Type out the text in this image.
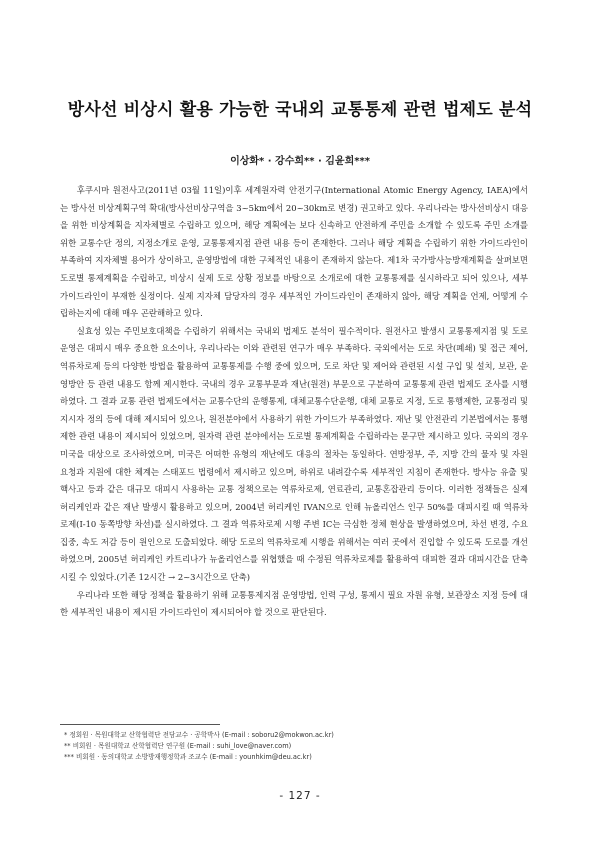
방사선 비상시 활용 가능한 국내외 교통통제 관련 법제도 분석
이상화* · 강수희** · 김윤희***

후쿠시마 원전사고(2011년 03월 11일)이후 세계원자력 안전기구(International Atomic Energy Agency, IAEA)에서는 방사선 비상계획구역 확대(방사선비상구역을 3~5km에서 20~30km로 변경) 권고하고 있다. 우리나라는 방사선비상시 대응을 위한 비상계획을 지자체별로 수립하고 있으며, 해당 계획에는 보다 신속하고 안전하게 주민을 소개할 수 있도록 주민 소개를 위한 교통수단 정의, 지정소개로 운영, 교통통제지점 관련 내용 등이 존재한다. 그러나 해당 계획을 수립하기 위한 가이드라인이 부족하여 지자체별 용어가 상이하고, 운영방법에 대한 구체적인 내용이 존재하지 않는다. 제1차 국가방사능방재계획을 살펴보면 도로별 통제계획을 수립하고, 비상시 실제 도로 상황 정보를 바탕으로 소개로에 대한 교통통제를 실시하라고 되어 있으나, 세부 가이드라인이 부재한 실정이다. 실제 지자체 담당자의 경우 세부적인 가이드라인이 존재하지 않아, 해당 계획을 언제, 어떻게 수립하는지에 대해 매우 곤란해하고 있다.

실효성 있는 주민보호대책을 수립하기 위해서는 국내외 법제도 분석이 필수적이다. 원전사고 발생시 교통통제지점 및 도로 운영은 대피시 매우 중요한 요소이나, 우리나라는 이와 관련된 연구가 매우 부족하다. 국외에서는 도로 차단(폐쇄) 및 접근 제어, 역류차로제 등의 다양한 방법을 활용하여 교통통제를 수행 중에 있으며, 도로 차단 및 제어와 관련된 시설 구입 및 설치, 보관, 운영방안 등 관련 내용도 함께 제시한다. 국내의 경우 교통부문과 재난(원전) 부문으로 구분하여 교통통제 관련 법제도 조사를 시행하였다. 그 결과 교통 관련 법제도에서는 교통수단의 운행통제, 대체교통수단운행, 대체 교통로 지정, 도로 통행제한, 교통정리 및 지시자 정의 등에 대해 제시되어 있으나, 원전분야에서 사용하기 위한 가이드가 부족하였다. 재난 및 안전관리 기본법에서는 통행제한 관련 내용이 제시되어 있었으며, 원자력 관련 분야에서는 도로별 통제계획을 수립하라는 문구만 제시하고 있다. 국외의 경우 미국을 대상으로 조사하였으며, 미국은 어떠한 유형의 재난에도 대응의 절차는 동일하다. 연방정부, 주, 지방 간의 물자 및 자원 요청과 지원에 대한 체계는 스태포드 법령에서 제시하고 있으며, 하위로 내려갈수록 세부적인 지침이 존재한다. 방사능 유출 및 핵사고 등과 같은 대규모 대피시 사용하는 교통 정책으로는 역류차로제, 연료관리, 교통혼잡관리 등이다. 이러한 정책들은 실제 허리케인과 같은 재난 발생시 활용하고 있으며, 2004년 허리케인 IVAN으로 인해 뉴올리언스 인구 50%를 대피시킬 때 역류차로제(I-10 동쪽방향 차선)를 실시하였다. 그 결과 역류차로제 시행 주변 IC는 극심한 정체 현상을 발생하였으며, 차선 변경, 수요 집중, 속도 저감 등이 원인으로 도출되었다. 해당 도로의 역류차로제 시행을 위해서는 여러 곳에서 진입할 수 있도록 도로를 개선하였으며, 2005년 허리케인 카트리나가 뉴올리언스를 위협했을 때 수정된 역류차로제를 활용하여 대피한 결과 대피시간을 단축시킬 수 있었다.(기존 12시간 → 2~3시간으로 단축)

우리나라 또한 해당 정책을 활용하기 위해 교통통제지점 운영방법, 인력 구성, 통제시 필요 자원 유형, 보관장소 지정 등에 대한 세부적인 내용이 제시된 가이드라인이 제시되어야 할 것으로 판단된다.

* 정회원 · 목원대학교 산학협력단 전담교수 · 공학박사 (E-mail : soboru2@mokwon.ac.kr)

** 비회원 · 목원대학교 산학협력단 연구원 (E-mail : suhi_love@naver.com)

*** 비회원 · 동의대학교 소방방재행정학과 조교수 (E-mail : younhkim@deu.ac.kr)

- 127 -
